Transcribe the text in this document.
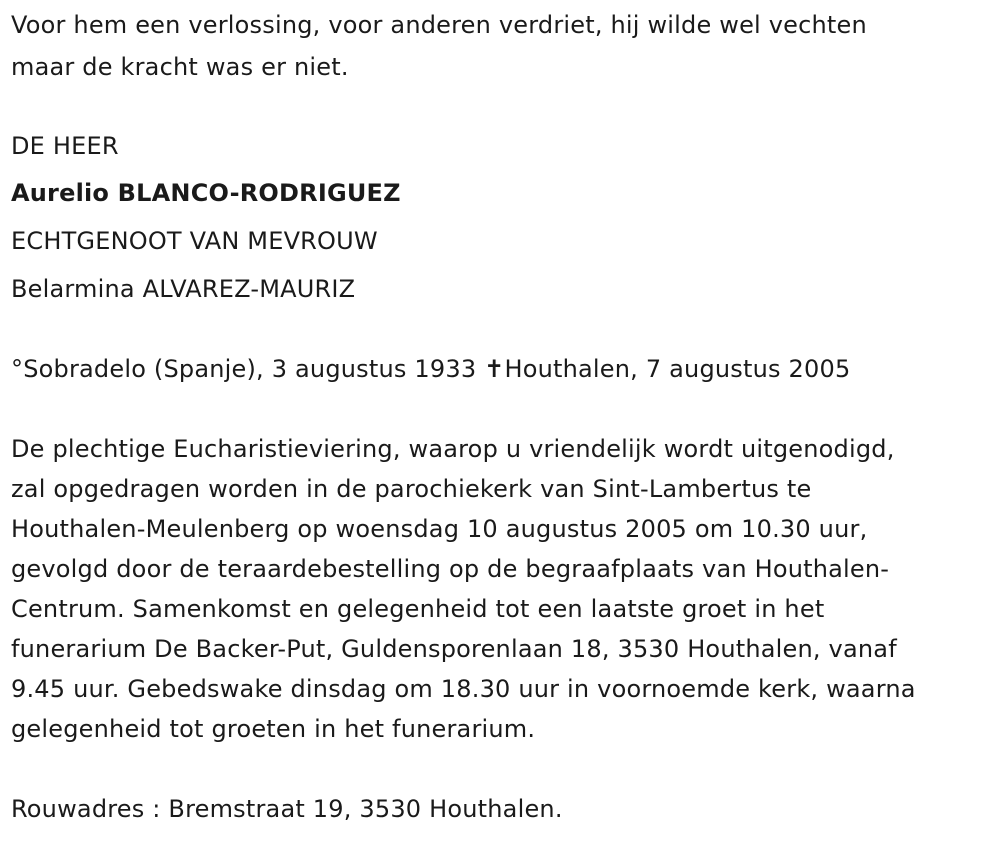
Voor hem een verlossing, voor anderen verdriet, hij wilde wel vechten
maar de kracht was er niet.
DE HEER
Aurelio BLANCO-RODRIGUEZ
ECHTGENOOT VAN MEVROUW
Belarmina ALVAREZ-MAURIZ
°Sobradelo (Spanje), 3 augustus 1933 ✝Houthalen, 7 augustus 2005
De plechtige Eucharistieviering, waarop u vriendelijk wordt uitgenodigd,
zal opgedragen worden in de parochiekerk van Sint-Lambertus te
Houthalen-Meulenberg op woensdag 10 augustus 2005 om 10.30 uur,
gevolgd door de teraardebestelling op de begraafplaats van Houthalen-
Centrum. Samenkomst en gelegenheid tot een laatste groet in het
funerarium De Backer-Put, Guldensporenlaan 18, 3530 Houthalen, vanaf
9.45 uur. Gebedswake dinsdag om 18.30 uur in voornoemde kerk, waarna
gelegenheid tot groeten in het funerarium.
Rouwadres : Bremstraat 19, 3530 Houthalen.
